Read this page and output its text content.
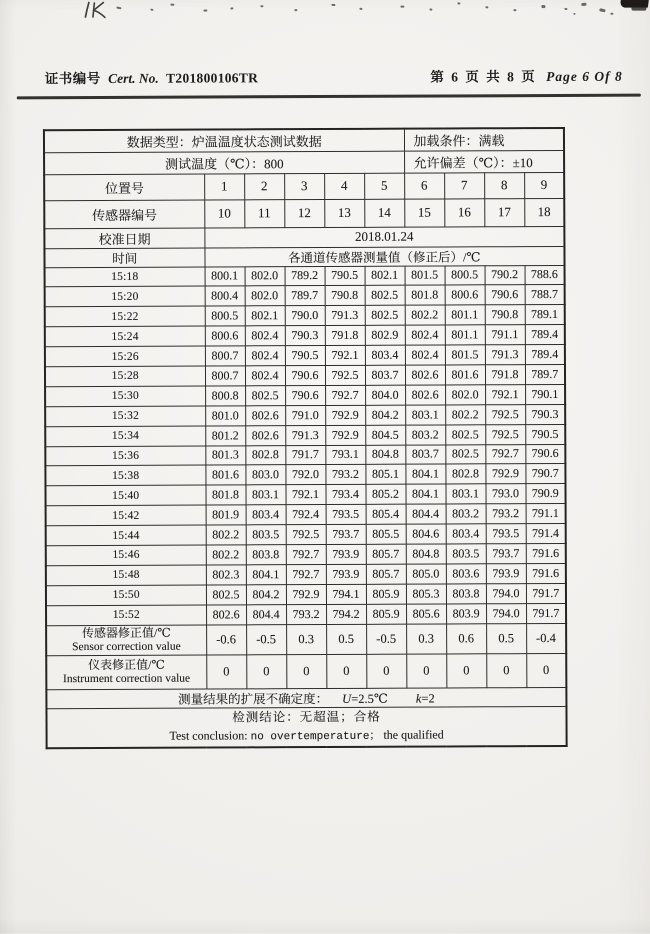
证书编号 Cert. No. T201800106TR	第 6 页 共 8 页 Page 6 Of 8
数据类型：炉温温度状态测试数据						加载条件：满载			
测试温度（℃）：800						允许偏差（℃）：±10			
位置号	1	2	3	4	5	6	7	8	9
传感器编号	10	11	12	13	14	15	16	17	18
校准日期	2018.01.24								
时间	各通道传感器测量值（修正后）/℃								
15:18	800.1	802.0	789.2	790.5	802.1	801.5	800.5	790.2	788.6
15:20	800.4	802.0	789.7	790.8	802.5	801.8	800.6	790.6	788.7
15:22	800.5	802.1	790.0	791.3	802.5	802.2	801.1	790.8	789.1
15:24	800.6	802.4	790.3	791.8	802.9	802.4	801.1	791.1	789.4
15:26	800.7	802.4	790.5	792.1	803.4	802.4	801.5	791.3	789.4
15:28	800.7	802.4	790.6	792.5	803.7	802.6	801.6	791.8	789.7
15:30	800.8	802.5	790.6	792.7	804.0	802.6	802.0	792.1	790.1
15:32	801.0	802.6	791.0	792.9	804.2	803.1	802.2	792.5	790.3
15:34	801.2	802.6	791.3	792.9	804.5	803.2	802.5	792.5	790.5
15:36	801.3	802.8	791.7	793.1	804.8	803.7	802.5	792.7	790.6
15:38	801.6	803.0	792.0	793.2	805.1	804.1	802.8	792.9	790.7
15:40	801.8	803.1	792.1	793.4	805.2	804.1	803.1	793.0	790.9
15:42	801.9	803.4	792.4	793.5	805.4	804.4	803.2	793.2	791.1
15:44	802.2	803.5	792.5	793.7	805.5	804.6	803.4	793.5	791.4
15:46	802.2	803.8	792.7	793.9	805.7	804.8	803.5	793.7	791.6
15:48	802.3	804.1	792.7	793.9	805.7	805.0	803.6	793.9	791.6
15:50	802.5	804.2	792.9	794.1	805.9	805.3	803.8	794.0	791.7
15:52	802.6	804.4	793.2	794.2	805.9	805.6	803.9	794.0	791.7

传感器修正值/℃
Sensor correction value	-0.6	-0.5	0.3	0.5	-0.5	0.3	0.6	0.5	-0.4

仪表修正值/℃
Instrument correction value	0	0	0	0	0	0	0	0	0
测量结果的扩展不确定度： U=2.5℃ k=2									

检测结论：无超温；合格
Test conclusion: no overtemperature； the qualified									
